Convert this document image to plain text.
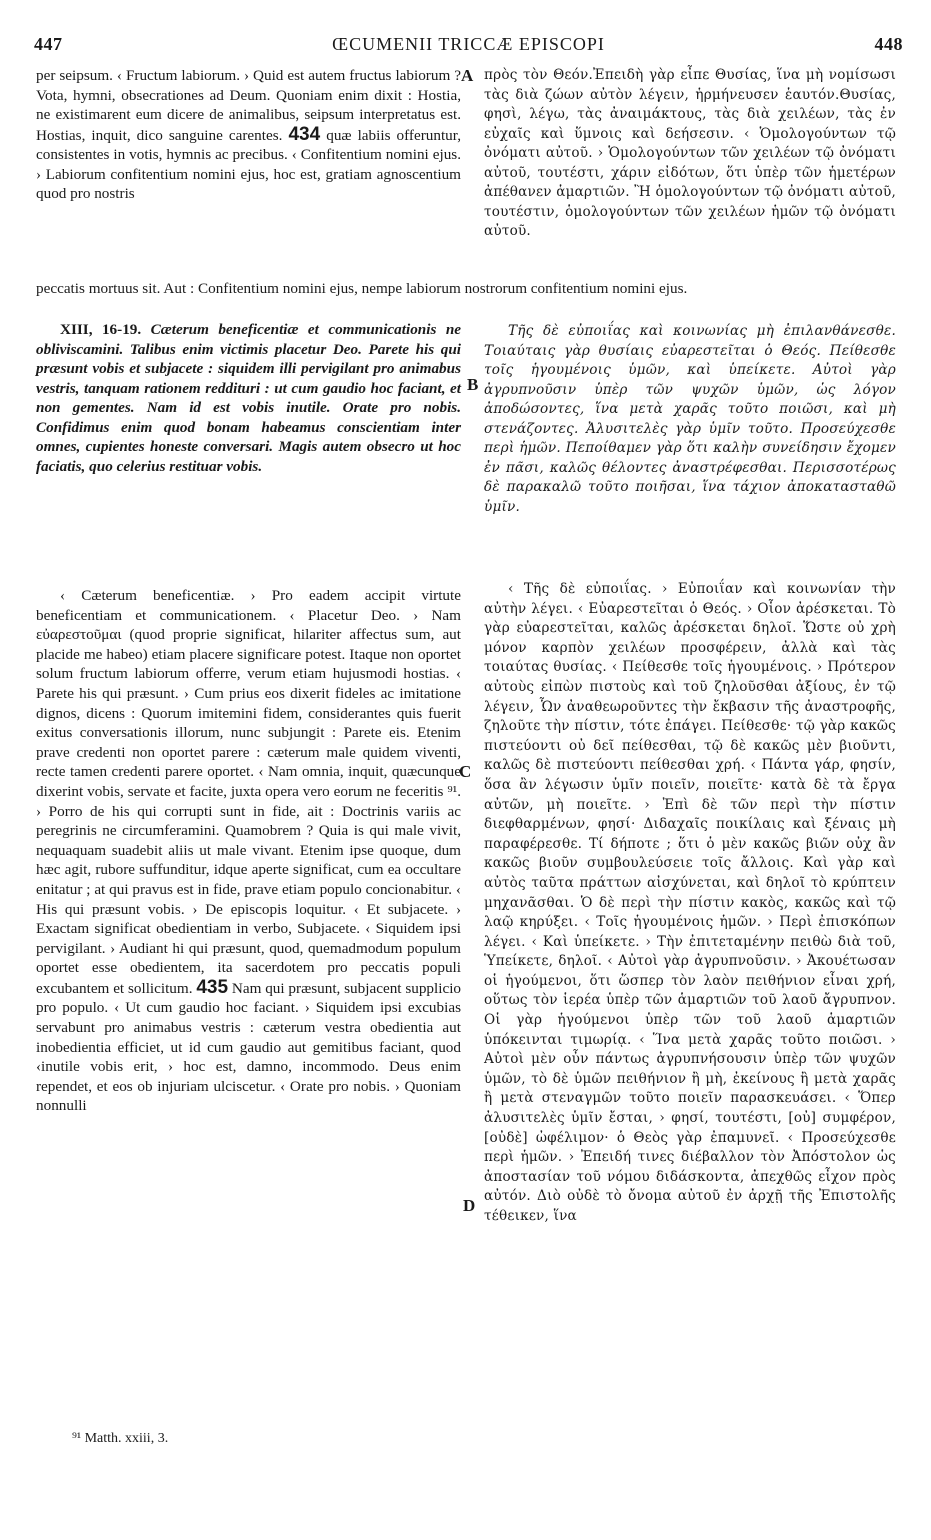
447	ŒCUMENII TRICCÆ EPISCOPI	448

per seipsum. ‹ Fructum labiorum. › Quid est autem fructus labiorum ? Vota, hymni, obsecrationes ad Deum. Quoniam enim dixit : Hostia, ne existimarent eum dicere de animalibus, seipsum interpretatus est. Hostias, inquit, dico sanguine carentes. 434 quæ labiis offeruntur, consistentes in votis, hymnis ac precibus. ‹ Confitentium nomini ejus. › Labiorum confitentium nomini ejus, hoc est, gratiam agnoscentium quod pro nostris

A πρὸς τὸν Θεόν.Ἐπειδὴ γὰρ εἶπε Θυσίας, ἵνα μὴ νομίσωσι τὰς διὰ ζώων αὐτὸν λέγειν, ἡρμήνευσεν ἑαυτόν.Θυσίας, φησὶ, λέγω, τὰς ἀναιμάκτους, τὰς διὰ χειλέων, τὰς ἐν εὐχαῖς καὶ ὕμνοις καὶ δεήσεσιν. ‹ Ὁμολογούντων τῷ ὀνόματι αὐτοῦ. › Ὁμολογούντων τῶν χειλέων τῷ ὀνόματι αὐτοῦ, τουτέστι, χάριν εἰδότων, ὅτι ὑπὲρ τῶν ἡμετέρων ἀπέθανεν ἁμαρτιῶν. Ἢ ὁμολογούντων τῷ ὀνόματι αὐτοῦ, τουτέστιν, ὁμολογούντων τῶν χειλέων ἡμῶν τῷ ὀνόματι αὐτοῦ.

peccatis mortuus sit. Aut : Confitentium nomini ejus, nempe labiorum nostrorum confitentium nomini ejus.

XIII, 16-19. Cæterum beneficentiæ et communicationis ne obliviscamini. Talibus enim victimis placetur Deo. Parete his qui præsunt vobis et subjacete : siquidem illi pervigilant pro animabus vestris, tanquam rationem reddituri : ut cum gaudio hoc faciant, et non gementes. Nam id est vobis inutile. Orate pro nobis. Confidimus enim quod bonam habeamus conscientiam inter omnes, cupientes honeste conversari. Magis autem obsecro ut hoc faciatis, quo celerius restituar vobis.

B

Τῆς δὲ εὐποιΐας καὶ κοινωνίας μὴ ἐπιλανθάνεσθε. Τοιαύταις γὰρ θυσίαις εὐαρεστεῖται ὁ Θεός. Πείθεσθε τοῖς ἡγουμένοις ὑμῶν, καὶ ὑπείκετε. Αὐτοὶ γὰρ ἀγρυπνοῦσιν ὑπὲρ τῶν ψυχῶν ὑμῶν, ὡς λόγον ἀποδώσοντες, ἵνα μετὰ χαρᾶς τοῦτο ποιῶσι, καὶ μὴ στενάζοντες. Ἀλυσιτελὲς γὰρ ὑμῖν τοῦτο. Προσεύχεσθε περὶ ἡμῶν. Πεποίθαμεν γὰρ ὅτι καλὴν συνείδησιν ἔχομεν ἐν πᾶσι, καλῶς θέλοντες ἀναστρέφεσθαι. Περισσοτέρως δὲ παρακαλῶ τοῦτο ποιῆσαι, ἵνα τάχιον ἀποκατασταθῶ ὑμῖν.

‹ Cæterum beneficentiæ. › Pro eadem accipit virtute beneficentiam et communicationem. ‹ Placetur Deo. › Nam εὐαρεστοῦμαι (quod proprie significat, hilariter affectus sum, aut placide me habeo) etiam placere significare potest. Itaque non oportet solum fructum labiorum offerre, verum etiam hujusmodi hostias. ‹ Parete his qui præsunt. › Cum prius eos dixerit fideles ac imitatione dignos, dicens : Quorum imitemini fidem, considerantes quis fuerit exitus conversationis illorum, nunc subjungit : Parete eis. Etenim prave credenti non oportet parere : cæterum male quidem viventi, recte tamen credenti parere oportet. ‹ Nam omnia, inquit, quæcunque dixerint vobis, servate et facite, juxta opera vero eorum ne feceritis ⁹¹. › Porro de his qui corrupti sunt in fide, ait : Doctrinis variis ac peregrinis ne circumferamini. Quamobrem ? Quia is qui male vivit, nequaquam suadebit aliis ut male vivant. Etenim ipse quoque, dum hæc agit, rubore suffunditur, idque aperte significat, cum ea occultare enitatur ; at qui pravus est in fide, prave etiam populo concionabitur. ‹ His qui præsunt vobis. › De episcopis loquitur. ‹ Et subjacete. › Exactam significat obedientiam in verbo, Subjacete. ‹ Siquidem ipsi pervigilant. › Audiant hi qui præsunt, quod, quemadmodum populum oportet esse obedientem, ita sacerdotem pro peccatis populi excubantem et sollicitum. 435 Nam qui præsunt, subjacent supplicio pro populo. ‹ Ut cum gaudio hoc faciant. › Siquidem ipsi excubias servabunt pro animabus vestris : cæterum vestra obedientia aut inobedientia efficiet, ut id cum gaudio aut gemitibus faciant, quod ‹inutile vobis erit, › hoc est, damno, incommodo. Deus enim rependet, et eos ob injuriam ulciscetur. ‹ Orate pro nobis. › Quoniam nonnulli

C
D

‹ Τῆς δὲ εὐποιΐας. › Εὐποιΐαν καὶ κοινωνίαν τὴν αὐτὴν λέγει. ‹ Εὐαρεστεῖται ὁ Θεός. › Οἷον ἀρέσκεται. Τὸ γὰρ εὐαρεστεῖται, καλῶς ἀρέσκεται δηλοῖ. Ὥστε οὐ χρὴ μόνον καρπὸν χειλέων προσφέρειν, ἀλλὰ καὶ τὰς τοιαύτας θυσίας. ‹ Πείθεσθε τοῖς ἡγουμένοις. › Πρότερον αὐτοὺς εἰπὼν πιστοὺς καὶ τοῦ ζηλοῦσθαι ἀξίους, ἐν τῷ λέγειν, Ὧν ἀναθεωροῦντες τὴν ἔκβασιν τῆς ἀναστροφῆς, ζηλοῦτε τὴν πίστιν, τότε ἐπάγει. Πείθεσθε· τῷ γὰρ κακῶς πιστεύοντι οὐ δεῖ πείθεσθαι, τῷ δὲ κακῶς μὲν βιοῦντι, καλῶς δὲ πιστεύοντι πείθεσθαι χρή. ‹ Πάντα γάρ, φησίν, ὅσα ἂν λέγωσιν ὑμῖν ποιεῖν, ποιεῖτε· κατὰ δὲ τὰ ἔργα αὐτῶν, μὴ ποιεῖτε. › Ἐπὶ δὲ τῶν περὶ τὴν πίστιν διεφθαρμένων, φησί· Διδαχαῖς ποικίλαις καὶ ξέναις μὴ παραφέρεσθε. Τί δήποτε ; ὅτι ὁ μὲν κακῶς βιῶν οὐχ ἂν κακῶς βιοῦν συμβουλεύσειε τοῖς ἄλλοις. Καὶ γὰρ καὶ αὐτὸς ταῦτα πράττων αἰσχύνεται, καὶ δηλοῖ τὸ κρύπτειν μηχανᾶσθαι. Ὁ δὲ περὶ τὴν πίστιν κακὸς, κακῶς καὶ τῷ λαῷ κηρύξει. ‹ Τοῖς ἡγουμένοις ἡμῶν. › Περὶ ἐπισκόπων λέγει. ‹ Καὶ ὑπείκετε. › Τὴν ἐπιτεταμένην πειθὼ διὰ τοῦ, Ὑπείκετε, δηλοῖ. ‹ Αὐτοὶ γὰρ ἀγρυπνοῦσιν. › Ἀκουέτωσαν οἱ ἡγούμενοι, ὅτι ὥσπερ τὸν λαὸν πειθήνιον εἶναι χρή, οὕτως τὸν ἱερέα ὑπὲρ τῶν ἁμαρτιῶν τοῦ λαοῦ ἄγρυπνον. Οἱ γὰρ ἡγούμενοι ὑπὲρ τῶν τοῦ λαοῦ ἁμαρτιῶν ὑπόκεινται τιμωρίᾳ. ‹ Ἵνα μετὰ χαρᾶς τοῦτο ποιῶσι. › Αὐτοὶ μὲν οὖν πάντως ἀγρυπνήσουσιν ὑπὲρ τῶν ψυχῶν ὑμῶν, τὸ δὲ ὑμῶν πειθήνιον ἢ μὴ, ἐκείνους ἢ μετὰ χαρᾶς ἢ μετὰ στεναγμῶν τοῦτο ποιεῖν παρασκευάσει. ‹ Ὅπερ ἀλυσιτελὲς ὑμῖν ἔσται, › φησί, τουτέστι, [οὐ] συμφέρον, [οὐδὲ] ὠφέλιμον· ὁ Θεὸς γὰρ ἐπαμυνεῖ. ‹ Προσεύχεσθε περὶ ἡμῶν. › Ἐπειδή τινες διέβαλλον τὸν Ἀπόστολον ὡς ἀποστασίαν τοῦ νόμου διδάσκοντα, ἀπεχθῶς εἶχον πρὸς αὐτόν. Διὸ οὐδὲ τὸ ὄνομα αὐτοῦ ἐν ἀρχῇ τῆς Ἐπιστολῆς τέθεικεν, ἵνα

⁹¹ Matth. xxiii, 3.
